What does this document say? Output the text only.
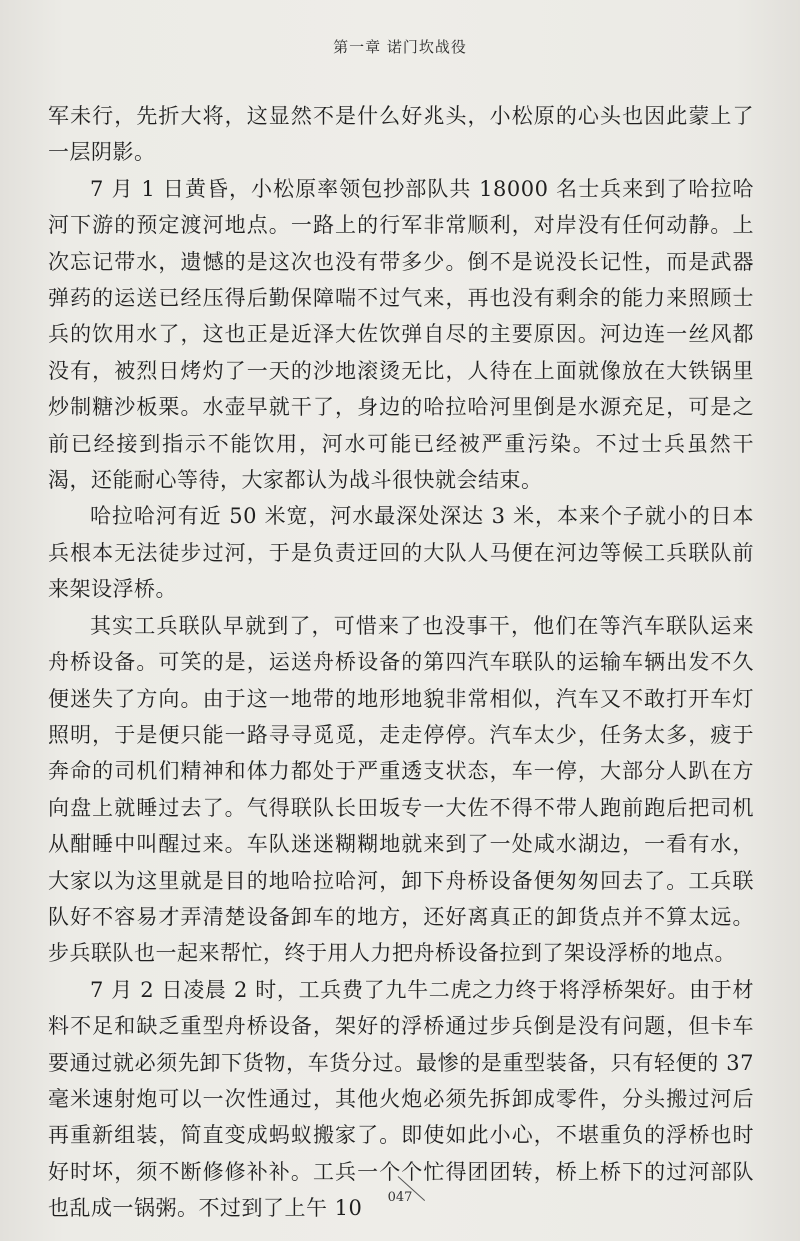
第一章 诺门坎战役

军未行，先折大将，这显然不是什么好兆头，小松原的心头也因此蒙上了一层阴影。

7 月 1 日黄昏，小松原率领包抄部队共 18000 名士兵来到了哈拉哈河下游的预定渡河地点。一路上的行军非常顺利，对岸没有任何动静。上次忘记带水，遗憾的是这次也没有带多少。倒不是说没长记性，而是武器弹药的运送已经压得后勤保障喘不过气来，再也没有剩余的能力来照顾士兵的饮用水了，这也正是近泽大佐饮弹自尽的主要原因。河边连一丝风都没有，被烈日烤灼了一天的沙地滚烫无比，人待在上面就像放在大铁锅里炒制糖沙板栗。水壶早就干了，身边的哈拉哈河里倒是水源充足，可是之前已经接到指示不能饮用，河水可能已经被严重污染。不过士兵虽然干渴，还能耐心等待，大家都认为战斗很快就会结束。

哈拉哈河有近 50 米宽，河水最深处深达 3 米，本来个子就小的日本兵根本无法徒步过河，于是负责迂回的大队人马便在河边等候工兵联队前来架设浮桥。

其实工兵联队早就到了，可惜来了也没事干，他们在等汽车联队运来舟桥设备。可笑的是，运送舟桥设备的第四汽车联队的运输车辆出发不久便迷失了方向。由于这一地带的地形地貌非常相似，汽车又不敢打开车灯照明，于是便只能一路寻寻觅觅，走走停停。汽车太少，任务太多，疲于奔命的司机们精神和体力都处于严重透支状态，车一停，大部分人趴在方向盘上就睡过去了。气得联队长田坂专一大佐不得不带人跑前跑后把司机从酣睡中叫醒过来。车队迷迷糊糊地就来到了一处咸水湖边，一看有水，大家以为这里就是目的地哈拉哈河，卸下舟桥设备便匆匆回去了。工兵联队好不容易才弄清楚设备卸车的地方，还好离真正的卸货点并不算太远。步兵联队也一起来帮忙，终于用人力把舟桥设备拉到了架设浮桥的地点。

7 月 2 日凌晨 2 时，工兵费了九牛二虎之力终于将浮桥架好。由于材料不足和缺乏重型舟桥设备，架好的浮桥通过步兵倒是没有问题，但卡车要通过就必须先卸下货物，车货分过。最惨的是重型装备，只有轻便的 37 毫米速射炮可以一次性通过，其他火炮必须先拆卸成零件，分头搬过河后再重新组装，简直变成蚂蚁搬家了。即使如此小心，不堪重负的浮桥也时好时坏，须不断修修补补。工兵一个个忙得团团转，桥上桥下的过河部队也乱成一锅粥。不过到了上午 10	047
